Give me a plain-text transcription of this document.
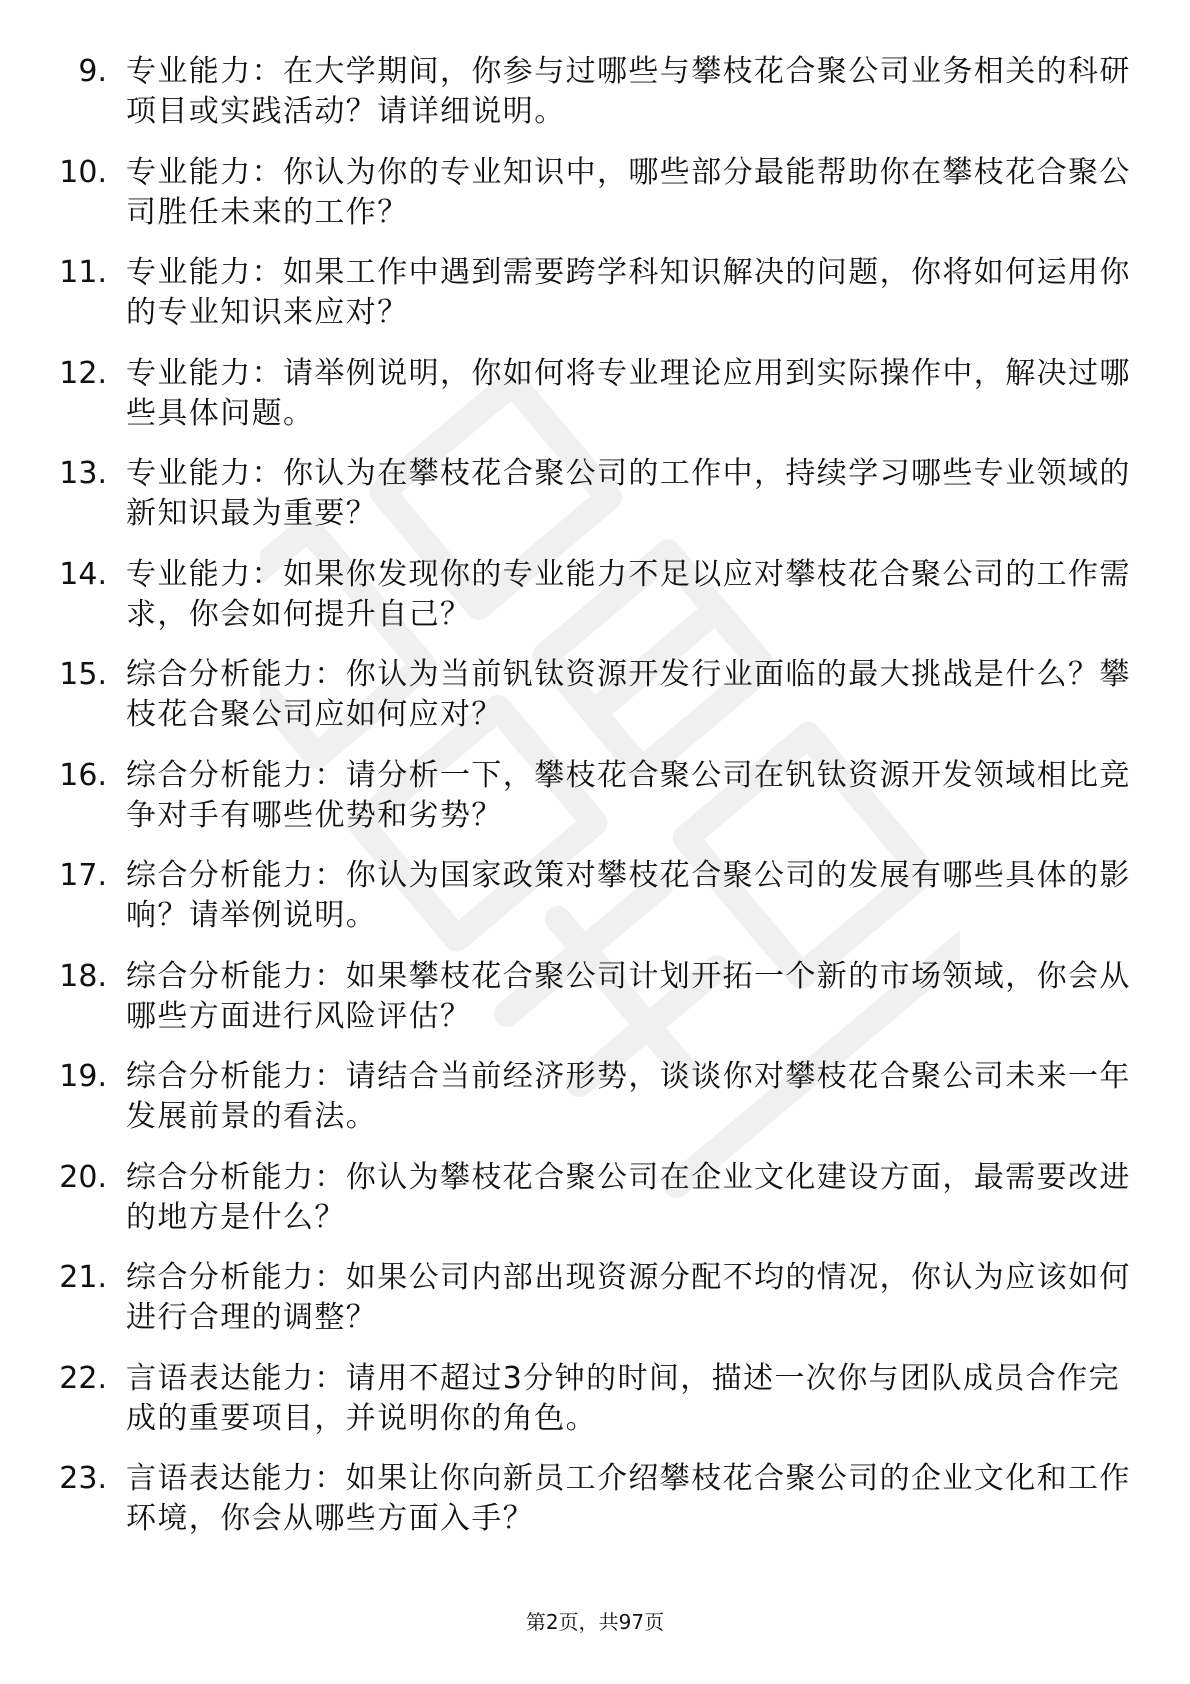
9. 专业能力：在大学期间，你参与过哪些与攀枝花合聚公司业务相关的科研项目或实践活动？请详细说明。
10. 专业能力：你认为你的专业知识中，哪些部分最能帮助你在攀枝花合聚公司胜任未来的工作？
11. 专业能力：如果工作中遇到需要跨学科知识解决的问题，你将如何运用你的专业知识来应对？
12. 专业能力：请举例说明，你如何将专业理论应用到实际操作中，解决过哪些具体问题。
13. 专业能力：你认为在攀枝花合聚公司的工作中，持续学习哪些专业领域的新知识最为重要？
14. 专业能力：如果你发现你的专业能力不足以应对攀枝花合聚公司的工作需求，你会如何提升自己？
15. 综合分析能力：你认为当前钒钛资源开发行业面临的最大挑战是什么？攀枝花合聚公司应如何应对？
16. 综合分析能力：请分析一下，攀枝花合聚公司在钒钛资源开发领域相比竞争对手有哪些优势和劣势？
17. 综合分析能力：你认为国家政策对攀枝花合聚公司的发展有哪些具体的影响？请举例说明。
18. 综合分析能力：如果攀枝花合聚公司计划开拓一个新的市场领域，你会从哪些方面进行风险评估？
19. 综合分析能力：请结合当前经济形势，谈谈你对攀枝花合聚公司未来一年发展前景的看法。
20. 综合分析能力：你认为攀枝花合聚公司在企业文化建设方面，最需要改进的地方是什么？
21. 综合分析能力：如果公司内部出现资源分配不均的情况，你认为应该如何进行合理的调整？
22. 言语表达能力：请用不超过3分钟的时间，描述一次你与团队成员合作完成的重要项目，并说明你的角色。
23. 言语表达能力：如果让你向新员工介绍攀枝花合聚公司的企业文化和工作环境，你会从哪些方面入手？
第2页，共97页
